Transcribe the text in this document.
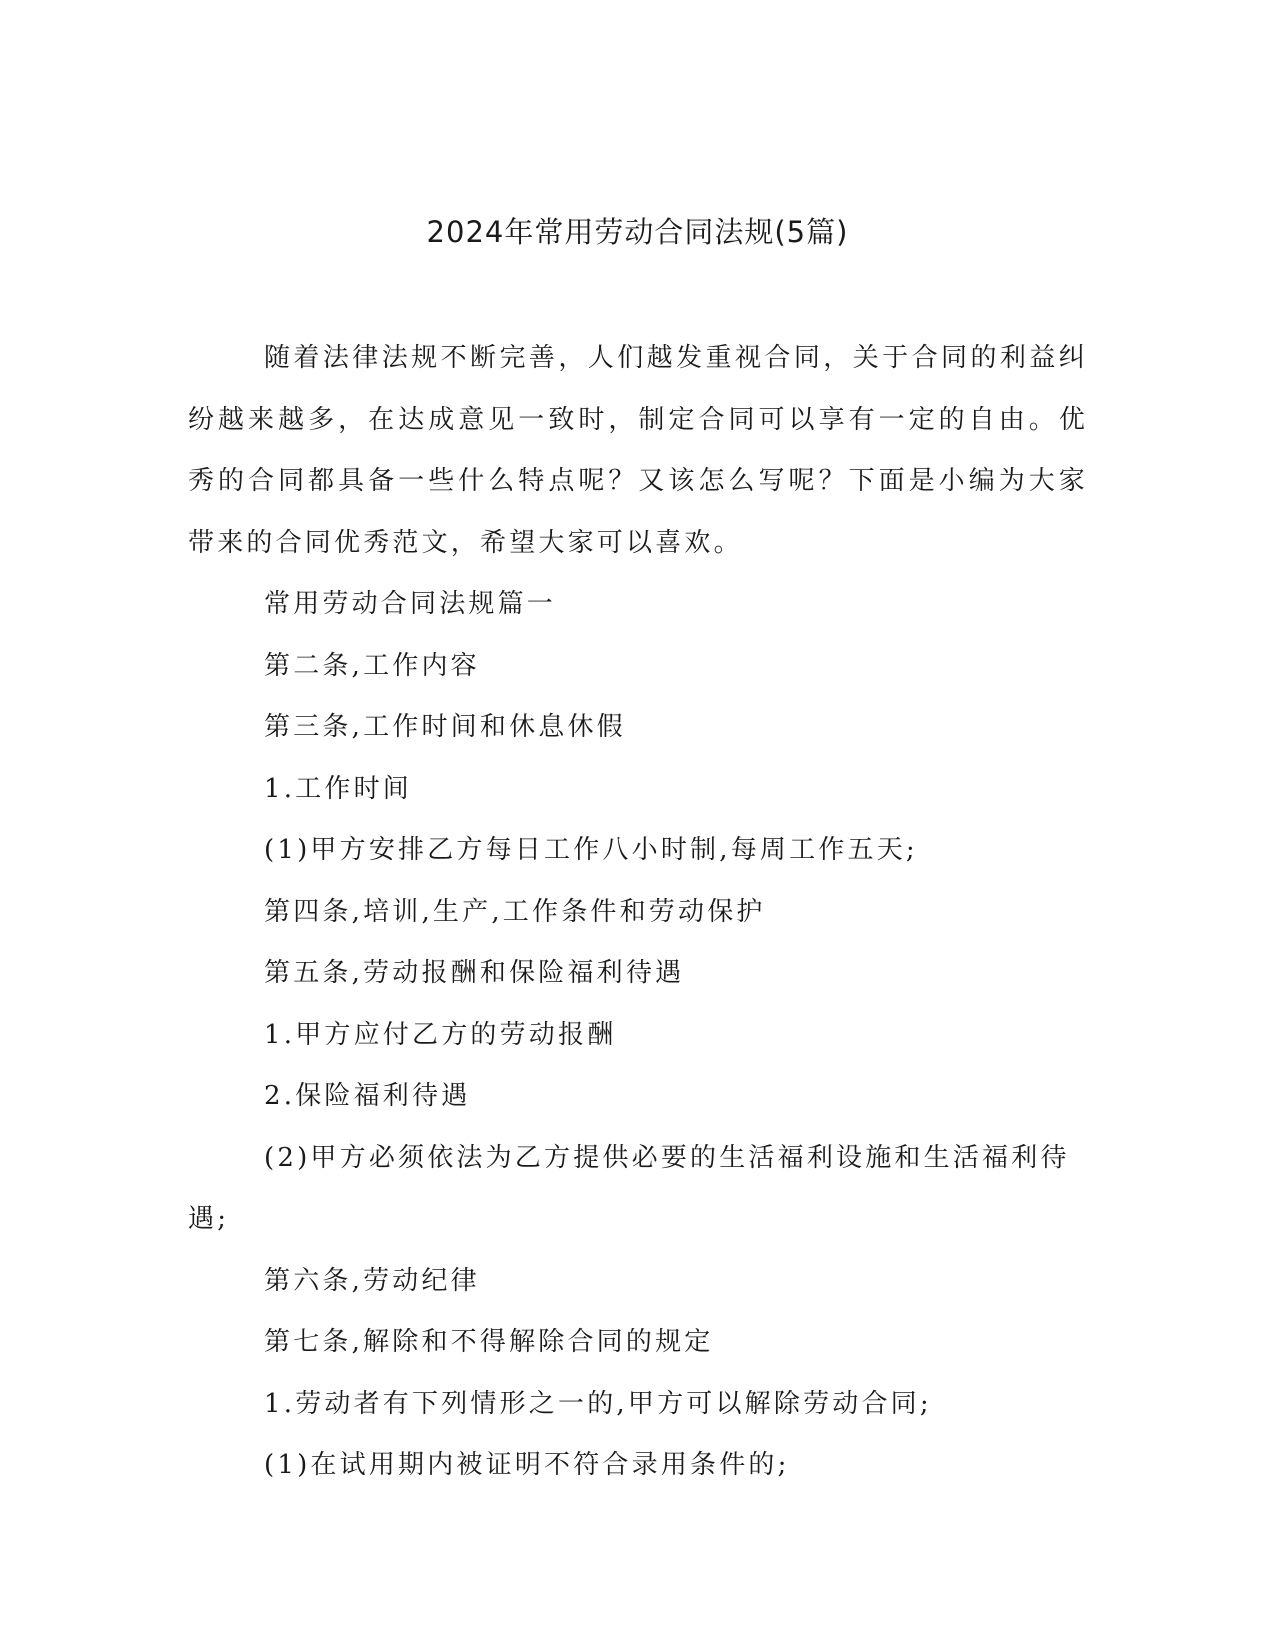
2024年常用劳动合同法规(5篇)

随着法律法规不断完善，人们越发重视合同，关于合同的利益纠纷越来越多，在达成意见一致时，制定合同可以享有一定的自由。优秀的合同都具备一些什么特点呢？又该怎么写呢？下面是小编为大家带来的合同优秀范文，希望大家可以喜欢。

常用劳动合同法规篇一

第二条,工作内容

第三条,工作时间和休息休假

1.工作时间

(1)甲方安排乙方每日工作八小时制,每周工作五天;

第四条,培训,生产,工作条件和劳动保护

第五条,劳动报酬和保险福利待遇

1.甲方应付乙方的劳动报酬

2.保险福利待遇

(2)甲方必须依法为乙方提供必要的生活福利设施和生活福利待遇;

第六条,劳动纪律

第七条,解除和不得解除合同的规定

1.劳动者有下列情形之一的,甲方可以解除劳动合同;

(1)在试用期内被证明不符合录用条件的;
